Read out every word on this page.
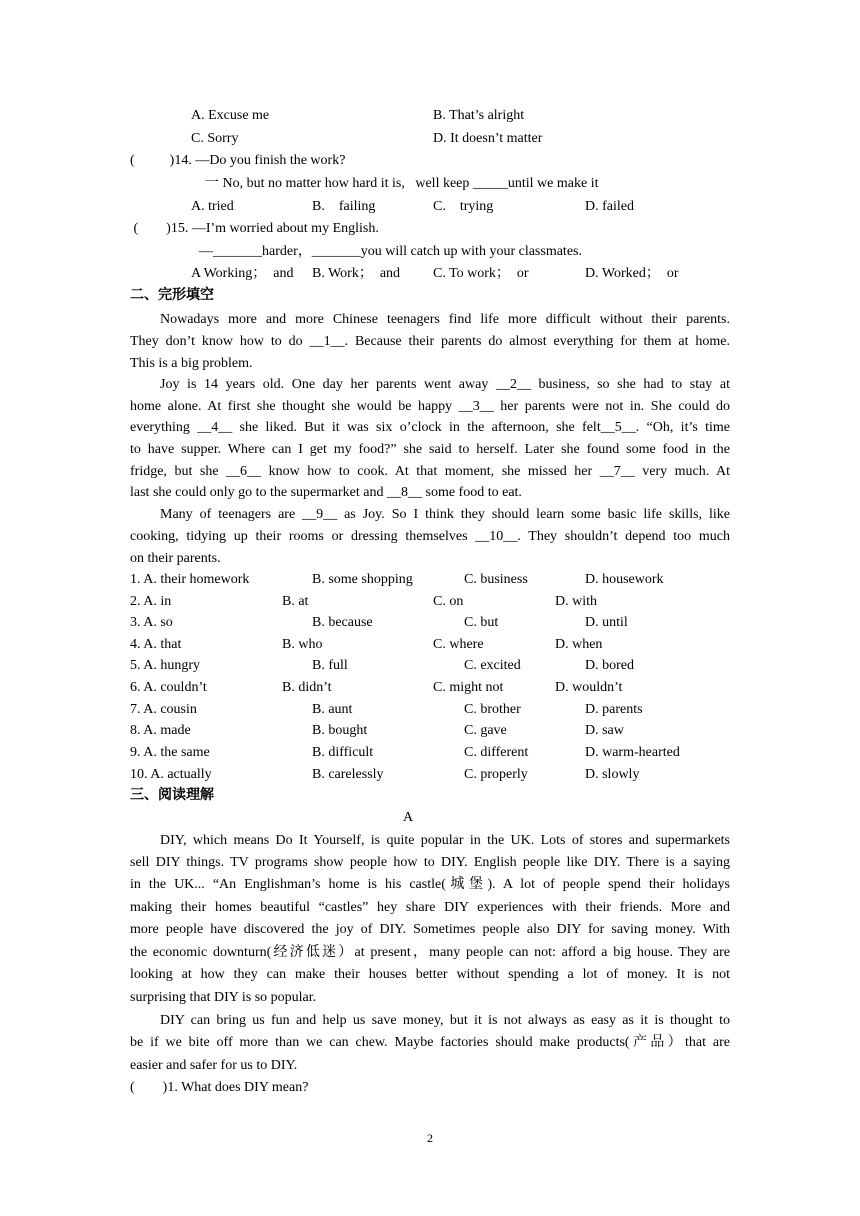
A. Excuse me	B. That’s alright
C. Sorry	D. It doesn’t matter
(          )14. —Do you finish the work?
一 No, but no matter how hard it is,   well keep _____until we make it
A. tried	B.    failing	C.    trying	D. failed
(        )15. —I’m worried about my English.
—_______harder，_______you will catch up with your classmates.
A Working；  and B. Work；  and C. To work；  or	D. Worked；  or
二、完形填空
Nowadays more and more Chinese teenagers find life more difficult without their parents.
They don’t know how to do __1__. Because their parents do almost everything for them at home.
This is a big problem.
Joy is 14 years old. One day her parents went away __2__ business, so she had to stay at
home alone. At first she thought she would be happy __3__ her parents were not in. She could do
everything __4__ she liked. But it was six o’clock in the afternoon, she felt__5__. “Oh, it’s time
to have supper. Where can I get my food?” she said to herself. Later she found some food in the
fridge, but she __6__ know how to cook. At that moment, she missed her __7__ very much. At
last she could only go to the supermarket and __8__ some food to eat.
Many of teenagers are __9__ as Joy. So I think they should learn some basic life skills, like
cooking, tidying up their rooms or dressing themselves __10__. They shouldn’t depend too much
on their parents.
1. A. their homework	B. some shopping	C. business	D. housework
2. A. in	B. at	C. on	D. with
3. A. so	B. because	C. but	D. until
4. A. that	B. who	C. where	D. when
5. A. hungry	B. full	C. excited	D. bored
6. A. couldn’t	B. didn’t	C. might not	D. wouldn’t
7. A. cousin	B. aunt	C. brother	D. parents
8. A. made	B. bought	C. gave	D. saw
9. A. the same	B. difficult	C. different	D. warm-hearted
10. A. actually	B. carelessly	C. properly	D. slowly
三、阅读理解
A
DIY, which means Do It Yourself, is quite popular in the UK. Lots of stores and supermarkets
sell DIY things. TV programs show people how to DIY. English people like DIY. There is a saying
in the UK... “An Englishman’s home is his castle(城堡). A lot of people spend their holidays
making their homes beautiful “castles” hey share DIY experiences with their friends. More and
more people have discovered the joy of DIY. Sometimes people also DIY for saving money. With
the economic downturn(经济低迷）at present，many people can not: afford a big house. They are
looking at how they can make their houses better without spending a lot of money. It is not
surprising that DIY is so popular.
DIY can bring us fun and help us save money, but it is not always as easy as it is thought to
be if we bite off more than we can chew. Maybe factories should make products(产品）that are
easier and safer for us to DIY.
(        )1. What does DIY mean?
2
